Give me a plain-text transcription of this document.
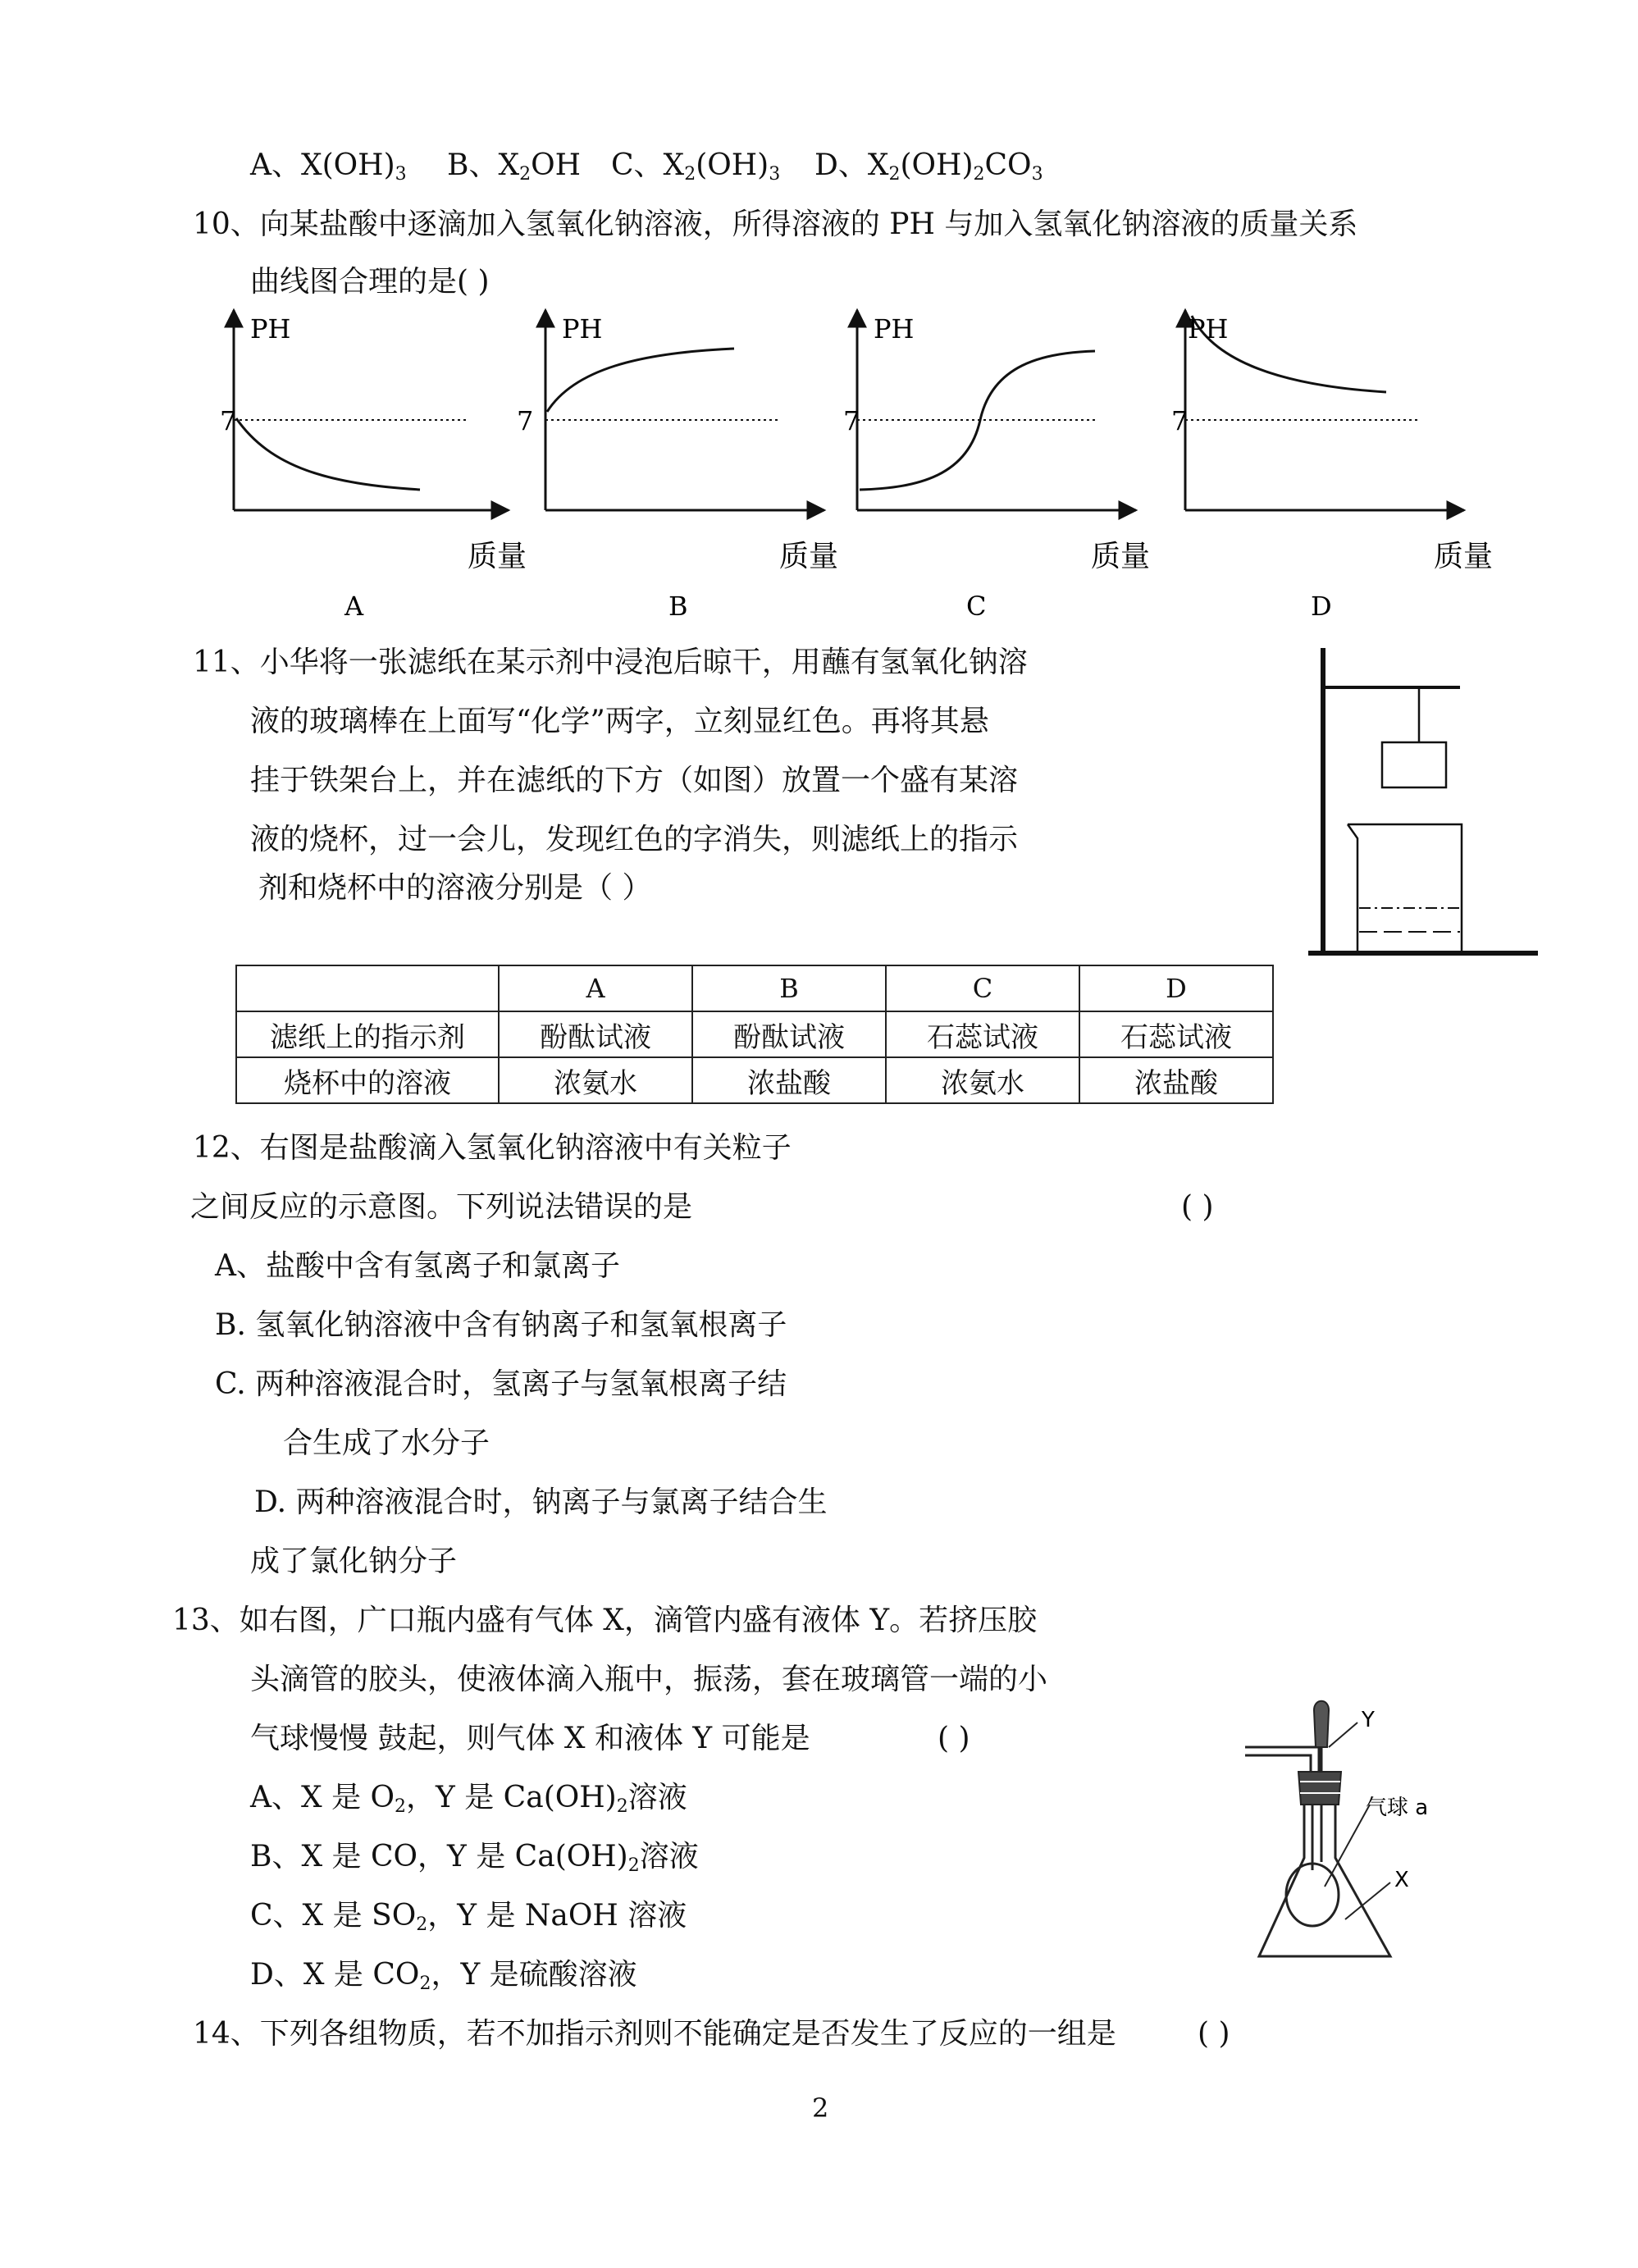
A、$X(OH)_3$ B、$X_2OH$ C、$X_2(OH)_3$ D、$X_2(OH)_2CO_3$
10、向某盐酸中逐滴加入氢氧化钠溶液，所得溶液的 PH 与加入氢氧化钠溶液的质量关系
曲线图合理的是( )
PH
7
质量
A
PH
7
质量
B
PH
7
质量
C
PH
7
质量
D
11、小华将一张滤纸在某示剂中浸泡后晾干，用蘸有氢氧化钠溶
液的玻璃棒在上面写“化学”两字，立刻显红色。再将其悬
挂于铁架台上，并在滤纸的下方（如图）放置一个盛有某溶
液的烧杯，过一会儿，发现红色的字消失，则滤纸上的指示
剂和烧杯中的溶液分别是（ ）
	A	B	C	D
滤纸上的指示剂	酚酞试液	酚酞试液	石蕊试液	石蕊试液
烧杯中的溶液	浓氨水	浓盐酸	浓氨水	浓盐酸
12、右图是盐酸滴入氢氧化钠溶液中有关粒子
之间反应的示意图。下列说法错误的是	( )
A、盐酸中含有氢离子和氯离子
B. 氢氧化钠溶液中含有钠离子和氢氧根离子
C. 两种溶液混合时，氢离子与氢氧根离子结
合生成了水分子
D. 两种溶液混合时，钠离子与氯离子结合生
成了氯化钠分子
13、如右图，广口瓶内盛有气体 X，滴管内盛有液体 Y。若挤压胶
头滴管的胶头，使液体滴入瓶中，振荡，套在玻璃管一端的小
气球慢慢 鼓起，则气体 X 和液体 Y 可能是	( )
A、X 是 $O_2$，Y 是 $Ca(OH)_2$溶液
B、X 是 CO，Y 是 $Ca(OH)_2$溶液
C、X 是 $SO_2$，Y 是 NaOH 溶液
D、X 是 $CO_2$，Y 是硫酸溶液
Y
气球 a
X
14、下列各组物质，若不加指示剂则不能确定是否发生了反应的一组是	( )
2
